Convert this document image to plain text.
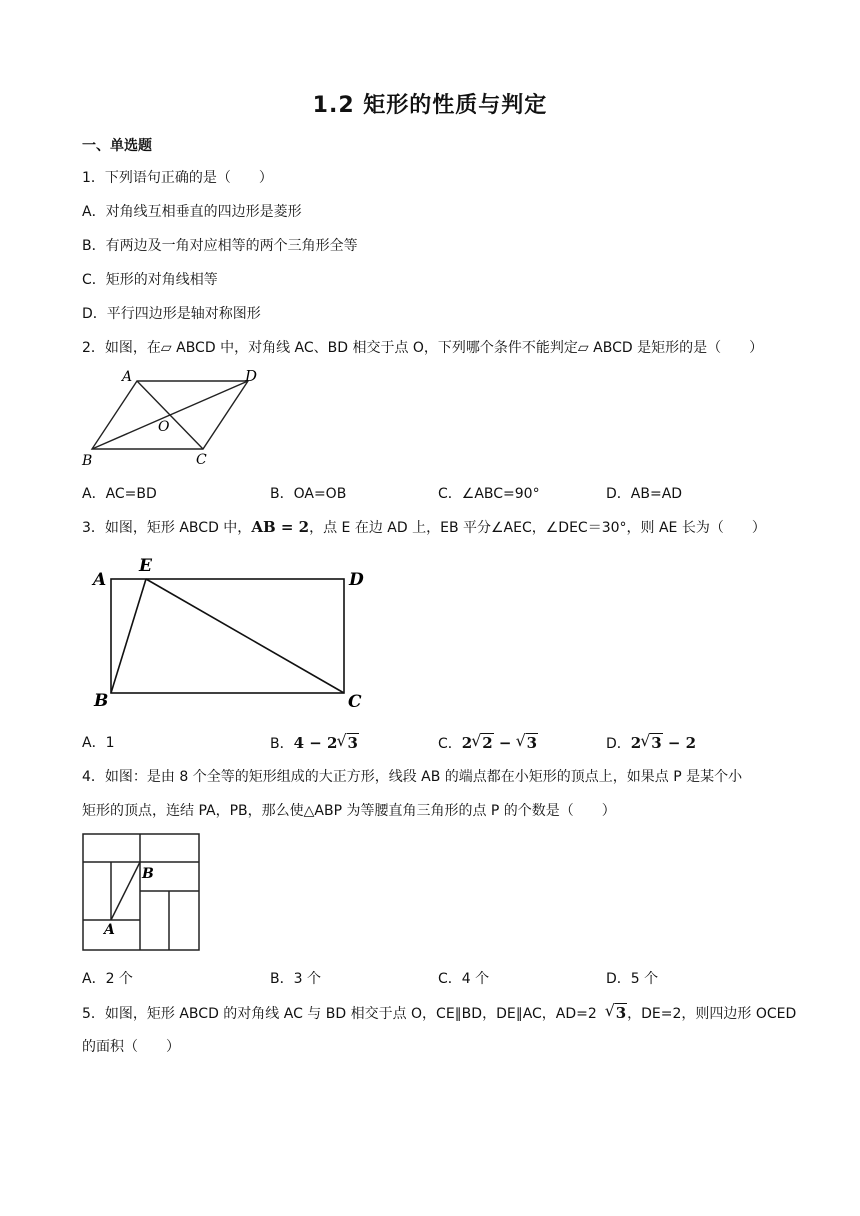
1.2 矩形的性质与判定
一、单选题
1．下列语句正确的是（　　）
A．对角线互相垂直的四边形是菱形
B．有两边及一角对应相等的两个三角形全等
C．矩形的对角线相等
D．平行四边形是轴对称图形
2．如图，在▱ ABCD 中，对角线 AC、BD 相交于点 O，下列哪个条件不能判定▱ ABCD 是矩形的是（　　）
A	D
O
B	C
A．AC=BD	B．OA=OB	C．∠ABC=90°	D．AB=AD
3．如图，矩形 ABCD 中，AB = 2，点 E 在边 AD 上，EB 平分∠AEC，∠DEC＝30°，则 AE 长为（　　）
A
E
D
B	C
A．1	B．4 − 2 √ 3	C．2 √ 2 − √ 3	D．2 √ 3 − 2
4．如图：是由 8 个全等的矩形组成的大正方形，线段 AB 的端点都在小矩形的顶点上，如果点 P 是某个小
矩形的顶点，连结 PA，PB，那么使△ABP 为等腰直角三角形的点 P 的个数是（　　）
B
A
A．2 个	B．3 个	C．4 个	D．5 个
5．如图，矩形 ABCD 的对角线 AC 与 BD 相交于点 O，CE∥BD，DE∥AC，AD=2 √ 3，DE=2，则四边形 OCED
的面积（　　）
